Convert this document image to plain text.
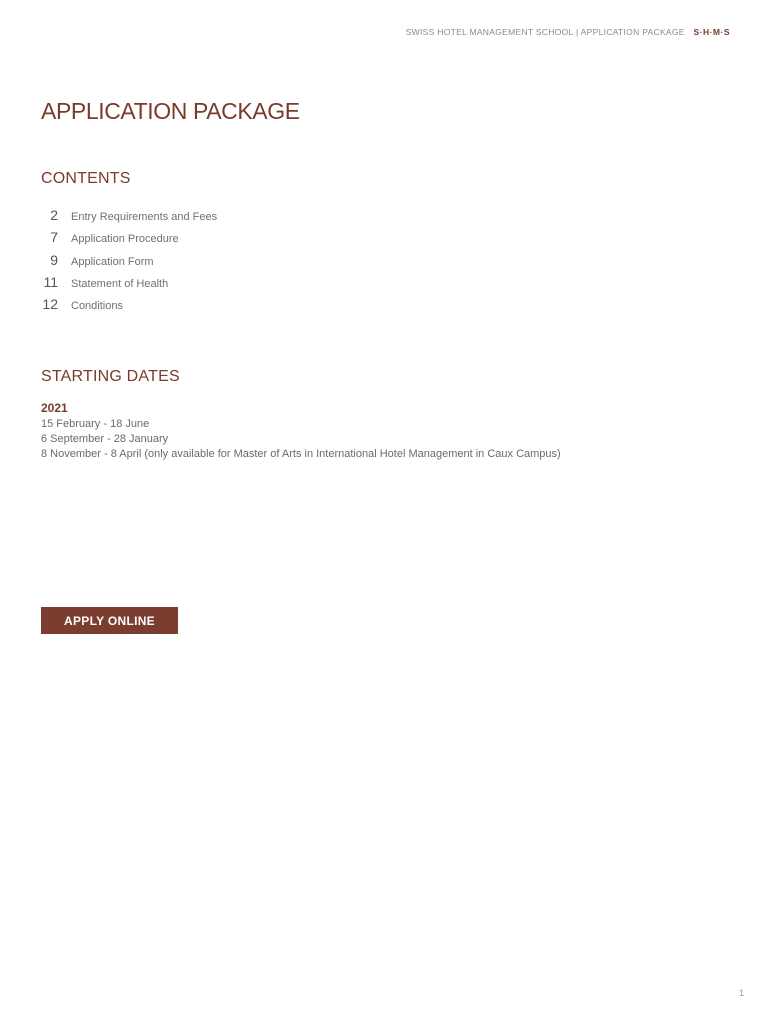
SWISS HOTEL MANAGEMENT SCHOOL | APPLICATION PACKAGE S·H·M·S
APPLICATION PACKAGE
CONTENTS
2 Entry Requirements and Fees
7 Application Procedure
9 Application Form
11 Statement of Health
12 Conditions
STARTING DATES
2021
15 February - 18 June
6 September - 28 January
8 November - 8 April (only available for Master of Arts in International Hotel Management in Caux Campus)
APPLY ONLINE
1
